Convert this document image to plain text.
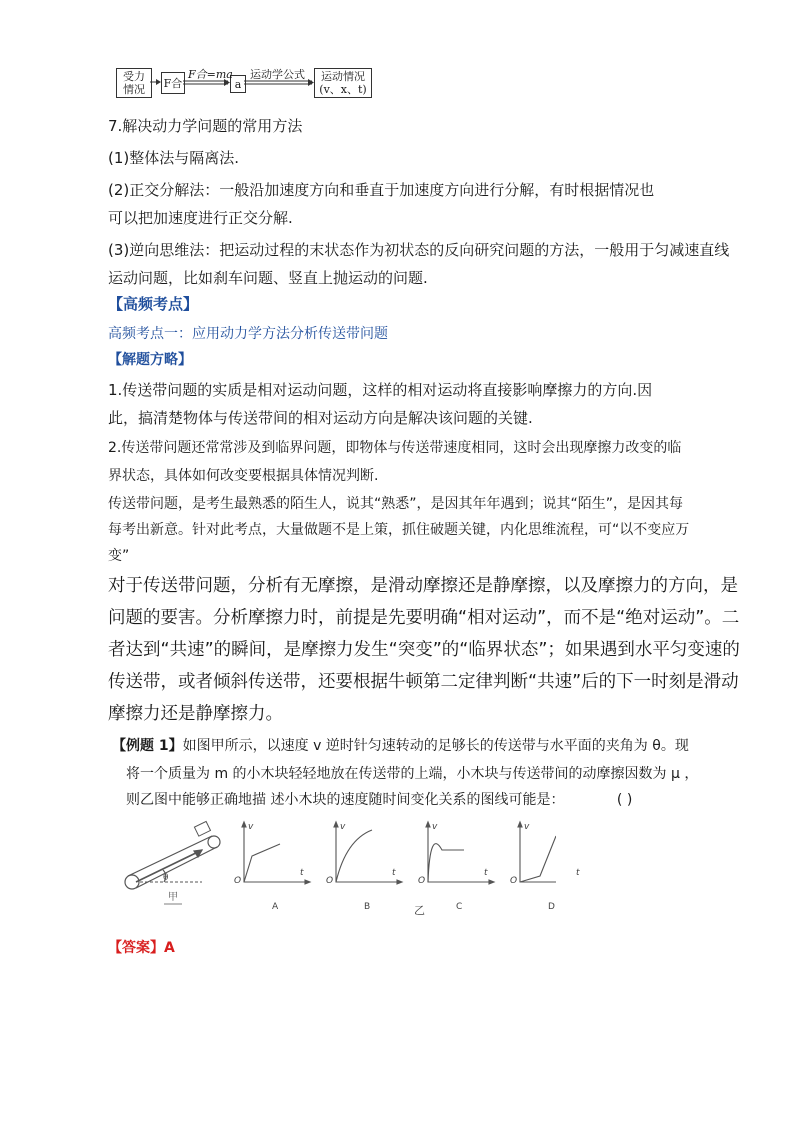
受力
情况 F合	a
运动情况
(v、x、t)
F合=ma 运动学公式
7.解决动力学问题的常用方法
(1)整体法与隔离法.
(2)正交分解法：一般沿加速度方向和垂直于加速度方向进行分解，有时根据情况也
可以把加速度进行正交分解.
(3)逆向思维法：把运动过程的末状态作为初状态的反向研究问题的方法，一般用于匀减速直线
运动问题，比如刹车问题、竖直上抛运动的问题.
【高频考点】
高频考点一：应用动力学方法分析传送带问题
【解题方略】
1.传送带问题的实质是相对运动问题，这样的相对运动将直接影响摩擦力的方向.因
此，搞清楚物体与传送带间的相对运动方向是解决该问题的关键.
2.传送带问题还常常涉及到临界问题，即物体与传送带速度相同，这时会出现摩擦力改变的临
界状态，具体如何改变要根据具体情况判断.
传送带问题，是考生最熟悉的陌生人，说其“熟悉”，是因其年年遇到；说其“陌生”，是因其每
每考出新意。针对此考点，大量做题不是上策，抓住破题关键，内化思维流程，可“以不变应万
变”
对于传送带问题，分析有无摩擦，是滑动摩擦还是静摩擦，以及摩擦力的方向，是
问题的要害。分析摩擦力时，前提是先要明确“相对运动”，而不是“绝对运动”。二
者达到“共速”的瞬间，是摩擦力发生“突变”的“临界状态”；如果遇到水平匀变速的
传送带，或者倾斜传送带，还要根据牛顿第二定律判断“共速”后的下一时刻是滑动
摩擦力还是静摩擦力。
【例题 1】如图甲所示，以速度 v 逆时针匀速转动的足够长的传送带与水平面的夹角为 θ。现
将一个质量为 m 的小木块轻轻地放在传送带的上端，小木块与传送带间的动摩擦因数为 μ ，
则乙图中能够正确地描 述小木块的速度随时间变化关系的图线可能是：	( )
θ
甲
O
v
t
A
O
v
t
B
O
v
t
C
O
v
t
D
乙
【答案】A
